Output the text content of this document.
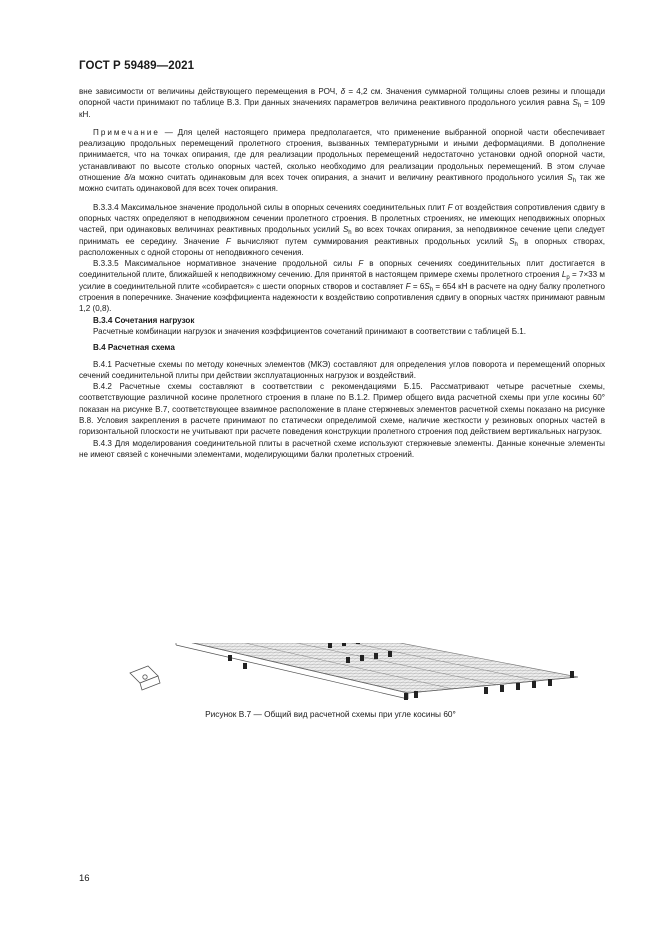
ГОСТ Р 59489—2021

вне зависимости от величины действующего перемещения в РОЧ, δ = 4,2 см. Значения суммарной толщины слоев резины и площади опорной части принимают по таблице В.3. При данных значениях параметров величина реактивного продольного усилия равна $S_h = 109$ кН.

Примечание — Для целей настоящего примера предполагается, что применение выбранной опорной части обеспечивает реализацию продольных перемещений пролетного строения, вызванных температурными и иными деформациями. В дополнение принимается, что на точках опирания, где для реализации продольных перемещений недостаточно установки одной опорной части, устанавливают по высоте столько опорных частей, сколько необходимо для реализации продольных перемещений. В этом случае отношение δ/a можно считать одинаковым для всех точек опирания, а значит и величину реактивного продольного усилия $S_h$ так же можно считать одинаковой для всех точек опирания.

В.3.3.4 Максимальное значение продольной силы в опорных сечениях соединительных плит F от воздействия сопротивления сдвигу в опорных частях определяют в неподвижном сечении пролетного строения. В пролетных строениях, не имеющих неподвижных опорных частей, при одинаковых величинах реактивных продольных усилий $S_h$ во всех точках опирания, за неподвижное сечение цепи следует принимать ее середину. Значение F вычисляют путем суммирования реактивных продольных усилий $S_h$ в опорных створах, расположенных с одной стороны от неподвижного сечения.

В.3.3.5 Максимальное нормативное значение продольной силы F в опорных сечениях соединительных плит достигается в соединительной плите, ближайшей к неподвижному сечению. Для принятой в настоящем примере схемы пролетного строения $L_p = 7\times 33$ м усилие в соединительной плите «собирается» с шести опорных створов и составляет $F = 6S_h = 654$ кН в расчете на одну балку пролетного строения в поперечнике. Значение коэффициента надежности к воздействию сопротивления сдвигу в опорных частях принимают равным 1,2 (0,8).

В.3.4 Сочетания нагрузок

Расчетные комбинации нагрузок и значения коэффициентов сочетаний принимают в соответствии с таблицей Б.1.

В.4 Расчетная схема

В.4.1 Расчетные схемы по методу конечных элементов (МКЭ) составляют для определения углов поворота и перемещений опорных сечений соединительной плиты при действии эксплуатационных нагрузок и воздействий.

В.4.2 Расчетные схемы составляют в соответствии с рекомендациями Б.15. Рассматривают четыре расчетные схемы, соответствующие различной косине пролетного строения в плане по В.1.2. Пример общего вида расчетной схемы при угле косины 60° показан на рисунке В.7, соответствующее взаимное расположение в плане стержневых элементов расчетной схемы показано на рисунке В.8. Условия закрепления в расчете принимают по статически определимой схеме, наличие жесткости у резиновых опорных частей в горизонтальной плоскости не учитывают при расчете поведения конструкции пролетного строения под действием вертикальных нагрузок.

В.4.3 Для моделирования соединительной плиты в расчетной схеме используют стержневые элементы. Данные конечные элементы не имеют связей с конечными элементами, моделирующими балки пролетных строений.

Рисунок В.7 — Общий вид расчетной схемы при угле косины 60°
16
